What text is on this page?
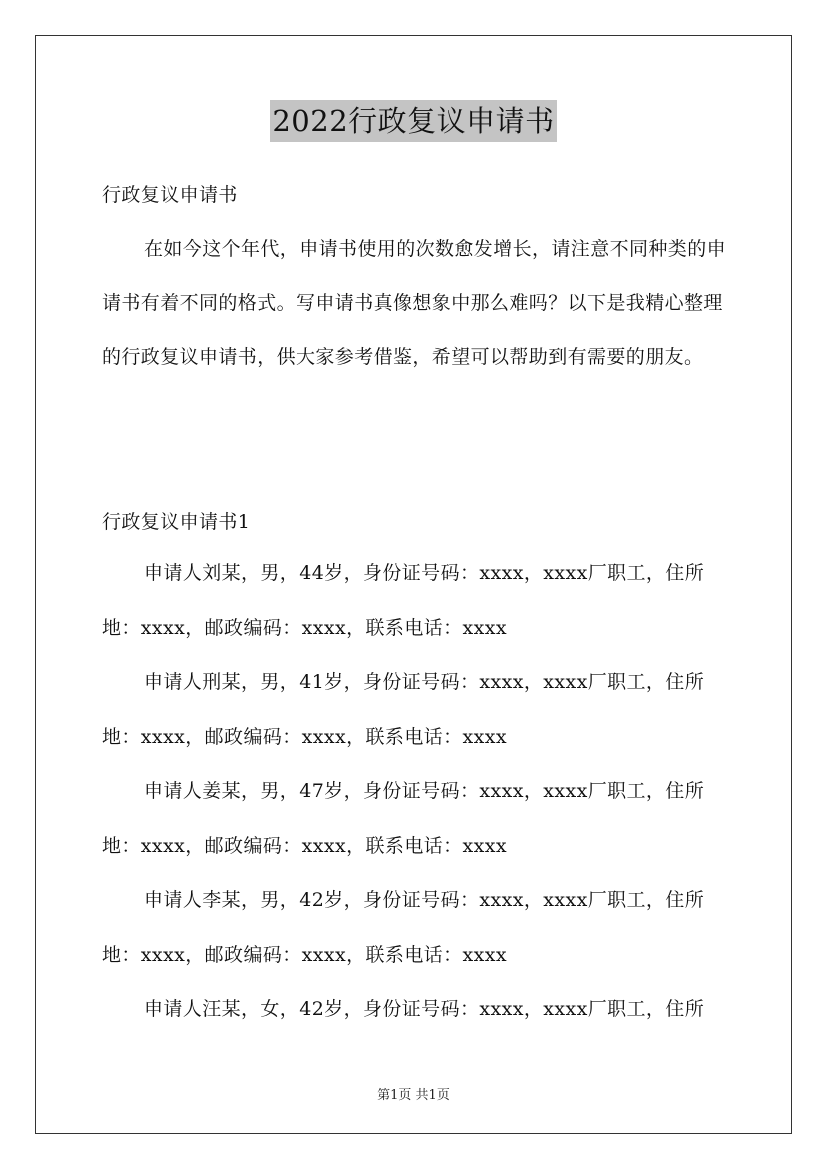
2022行政复议申请书
行政复议申请书

在如今这个年代，申请书使用的次数愈发增长，请注意不同种类的申请书有着不同的格式。写申请书真像想象中那么难吗？以下是我精心整理的行政复议申请书，供大家参考借鉴，希望可以帮助到有需要的朋友。

行政复议申请书1

申请人刘某，男，44岁，身份证号码：xxxx，xxxx厂职工，住所地：xxxx，邮政编码：xxxx，联系电话：xxxx

申请人刑某，男，41岁，身份证号码：xxxx，xxxx厂职工，住所地：xxxx，邮政编码：xxxx，联系电话：xxxx

申请人姜某，男，47岁，身份证号码：xxxx，xxxx厂职工，住所地：xxxx，邮政编码：xxxx，联系电话：xxxx

申请人李某，男，42岁，身份证号码：xxxx，xxxx厂职工，住所地：xxxx，邮政编码：xxxx，联系电话：xxxx

申请人汪某，女，42岁，身份证号码：xxxx，xxxx厂职工，住所

第1页 共1页
